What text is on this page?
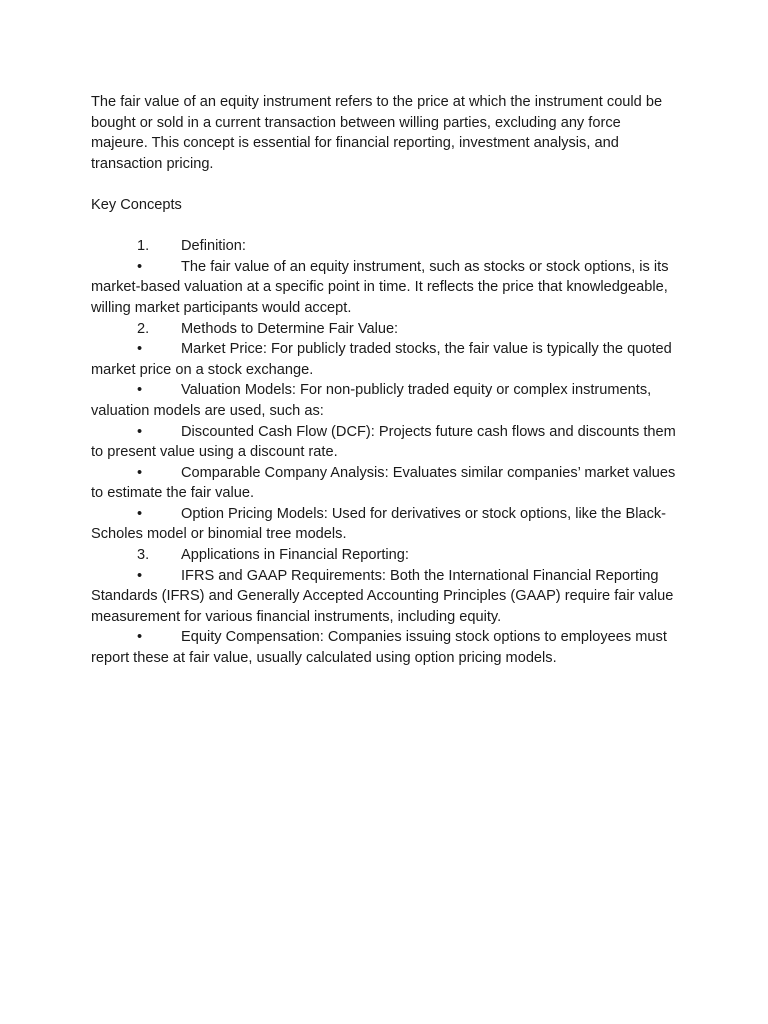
The fair value of an equity instrument refers to the price at which the instrument could be bought or sold in a current transaction between willing parties, excluding any force majeure. This concept is essential for financial reporting, investment analysis, and transaction pricing.

Key Concepts

1. Definition:

•	The fair value of an equity instrument, such as stocks or stock options, is its market-based valuation at a specific point in time. It reflects the price that knowledgeable, willing market participants would accept.

2. Methods to Determine Fair Value:

•	Market Price: For publicly traded stocks, the fair value is typically the quoted market price on a stock exchange.

•	Valuation Models: For non-publicly traded equity or complex instruments, valuation models are used, such as:

•	Discounted Cash Flow (DCF): Projects future cash flows and discounts them to present value using a discount rate.

•	Comparable Company Analysis: Evaluates similar companies’ market values to estimate the fair value.

•	Option Pricing Models: Used for derivatives or stock options, like the Black-Scholes model or binomial tree models.

3. Applications in Financial Reporting:

•	IFRS and GAAP Requirements: Both the International Financial Reporting Standards (IFRS) and Generally Accepted Accounting Principles (GAAP) require fair value measurement for various financial instruments, including equity.

•	Equity Compensation: Companies issuing stock options to employees must report these at fair value, usually calculated using option pricing models.
